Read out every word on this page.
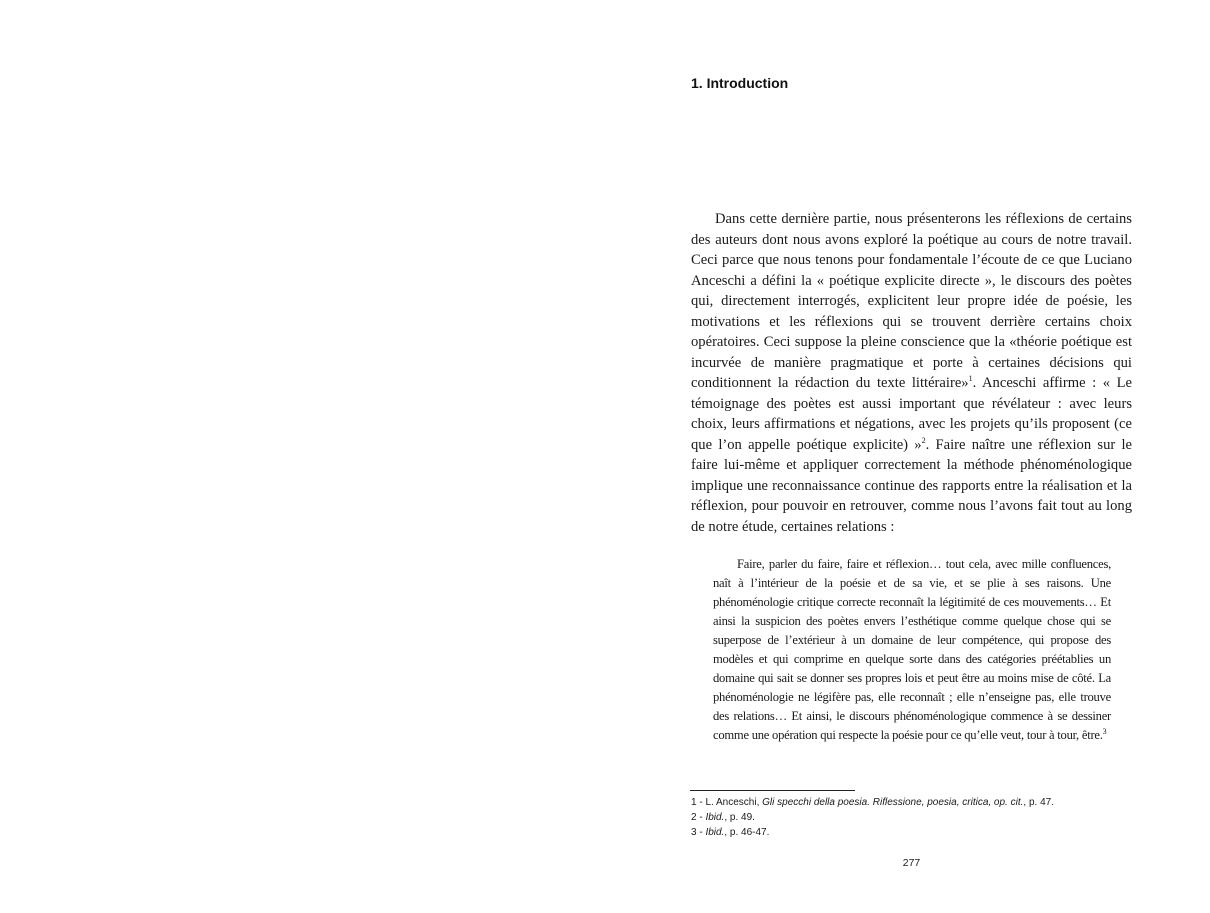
1. Introduction

Dans cette dernière partie, nous présenterons les réflexions de certains des auteurs dont nous avons exploré la poétique au cours de notre travail. Ceci parce que nous tenons pour fondamentale l’écoute de ce que Luciano Anceschi a défini la « poétique explicite directe », le discours des poètes qui, directement interrogés, explicitent leur propre idée de poésie, les motivations et les réflexions qui se trouvent derrière certains choix opératoires. Ceci suppose la pleine conscience que la «théorie poétique est incurvée de manière pragmatique et porte à certaines décisions qui conditionnent la rédaction du texte littéraire»$^1$. Anceschi affirme : « Le témoignage des poètes est aussi important que révélateur : avec leurs choix, leurs affirmations et négations, avec les projets qu’ils proposent (ce que l’on appelle poétique explicite) »$^2$. Faire naître une réflexion sur le faire lui-même et appliquer correctement la méthode phénoménologique implique une reconnaissance continue des rapports entre la réalisation et la réflexion, pour pouvoir en retrouver, comme nous l’avons fait tout au long de notre étude, certaines relations :

Faire, parler du faire, faire et réflexion… tout cela, avec mille confluences, naît à l’intérieur de la poésie et de sa vie, et se plie à ses raisons. Une phénoménologie critique correcte reconnaît la légitimité de ces mouvements… Et ainsi la suspicion des poètes envers l’esthétique comme quelque chose qui se superpose de l’extérieur à un domaine de leur compétence, qui propose des modèles et qui comprime en quelque sorte dans des catégories préétablies un domaine qui sait se donner ses propres lois et peut être au moins mise de côté. La phénoménologie ne légifère pas, elle reconnaît ; elle n’enseigne pas, elle trouve des relations… Et ainsi, le discours phénoménologique commence à se dessiner comme une opération qui respecte la poésie pour ce qu’elle veut, tour à tour, être.$^3$

1 - L. Anceschi, Gli specchi della poesia. Riflessione, poesia, critica, op. cit., p. 47.
2 - Ibid., p. 49.
3 - Ibid., p. 46-47.
277
